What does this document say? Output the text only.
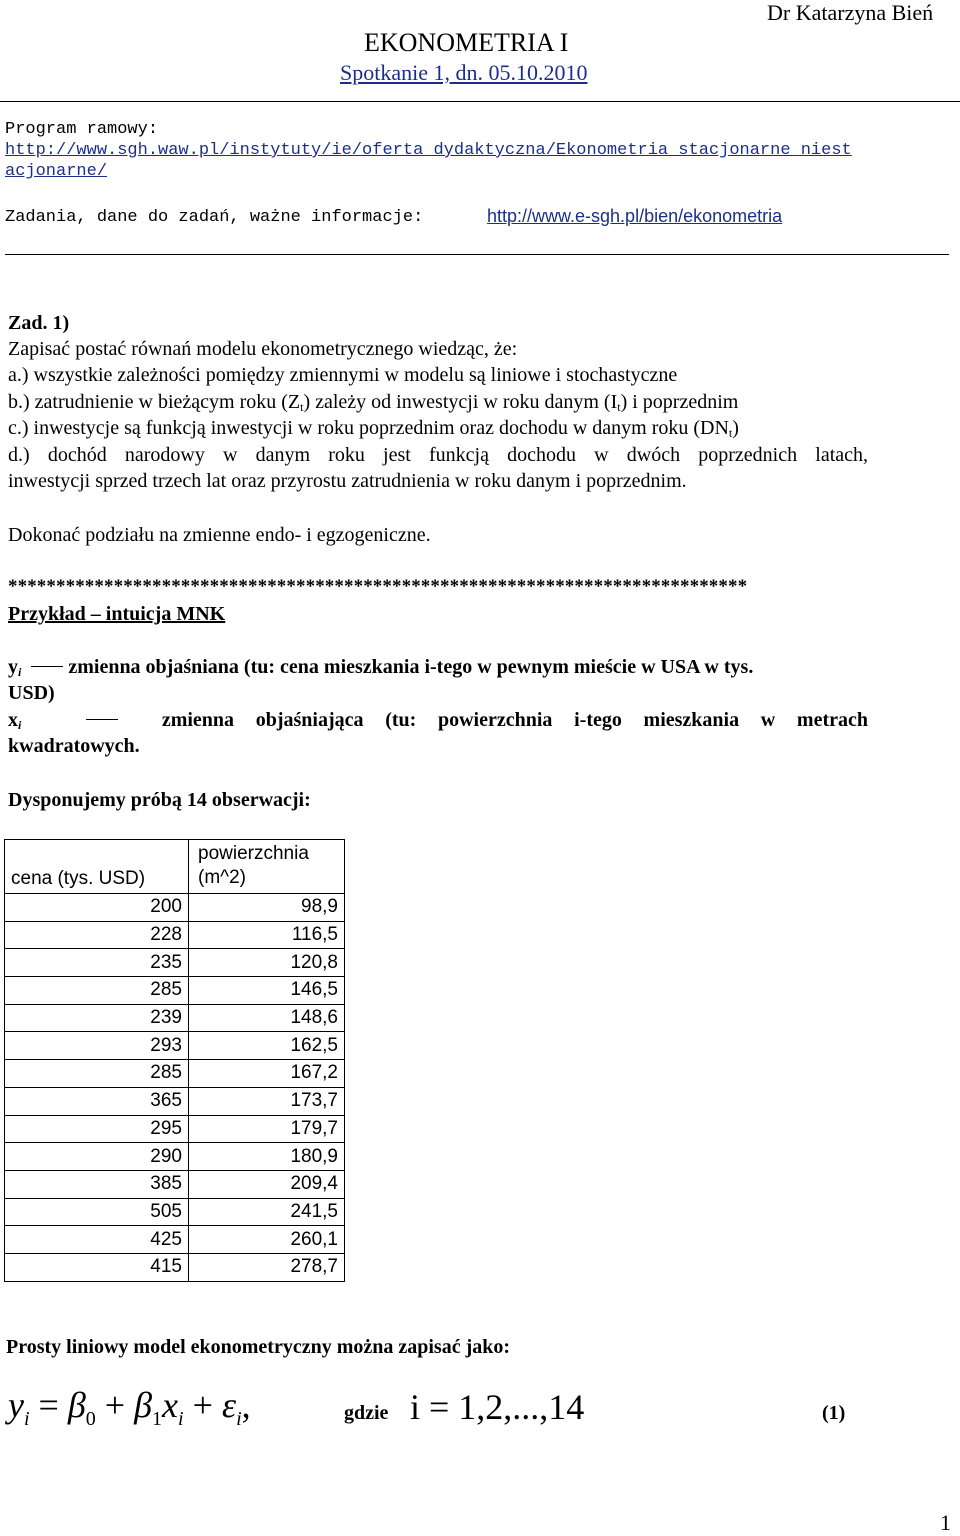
Dr Katarzyna Bień
EKONOMETRIA I
Spotkanie 1, dn. 05.10.2010
Program ramowy:
http://www.sgh.waw.pl/instytuty/ie/oferta dydaktyczna/Ekonometria stacjonarne niest
acjonarne/
Zadania, dane do zadań, ważne informacje:	http://www.e-sgh.pl/bien/ekonometria
Zad. 1)
Zapisać postać równań modelu ekonometrycznego wiedząc, że:
a.) wszystkie zależności pomiędzy zmiennymi w modelu są liniowe i stochastyczne
b.) zatrudnienie w bieżącym roku $(Z_t)$ zależy od inwestycji w roku danym $(I_t)$ i poprzednim
c.) inwestycje są funkcją inwestycji w roku poprzednim oraz dochodu w danym roku $(DN_t)$
d.) dochód narodowy w danym roku jest funkcją dochodu w dwóch poprzednich latach,
inwestycji sprzed trzech lat oraz przyrostu zatrudnienia w roku danym i poprzednim.
Dokonać podziału na zmienne endo- i egzogeniczne.
*****************************************************************************
Przykład – intuicja MNK
$y_i$ zmienna objaśniana (tu: cena mieszkania i-tego w pewnym mieście w USA w tys.
USD)
$x_i$	zmienna objaśniająca (tu: powierzchnia i-tego mieszkania w metrach
kwadratowych.
Dysponujemy próbą 14 obserwacji:
cena (tys. USD)	powierzchnia
(m^2)
200	98,9
228	116,5
235	120,8
285	146,5
239	148,6
293	162,5
285	167,2
365	173,7
295	179,7
290	180,9
385	209,4
505	241,5
425	260,1
415	278,7
Prosty liniowy model ekonometryczny można zapisać jako:
$y_i = \beta_0 + \beta_1x_i + \varepsilon_i$,	gdzie i = 1,2,...,14	(1)
1
